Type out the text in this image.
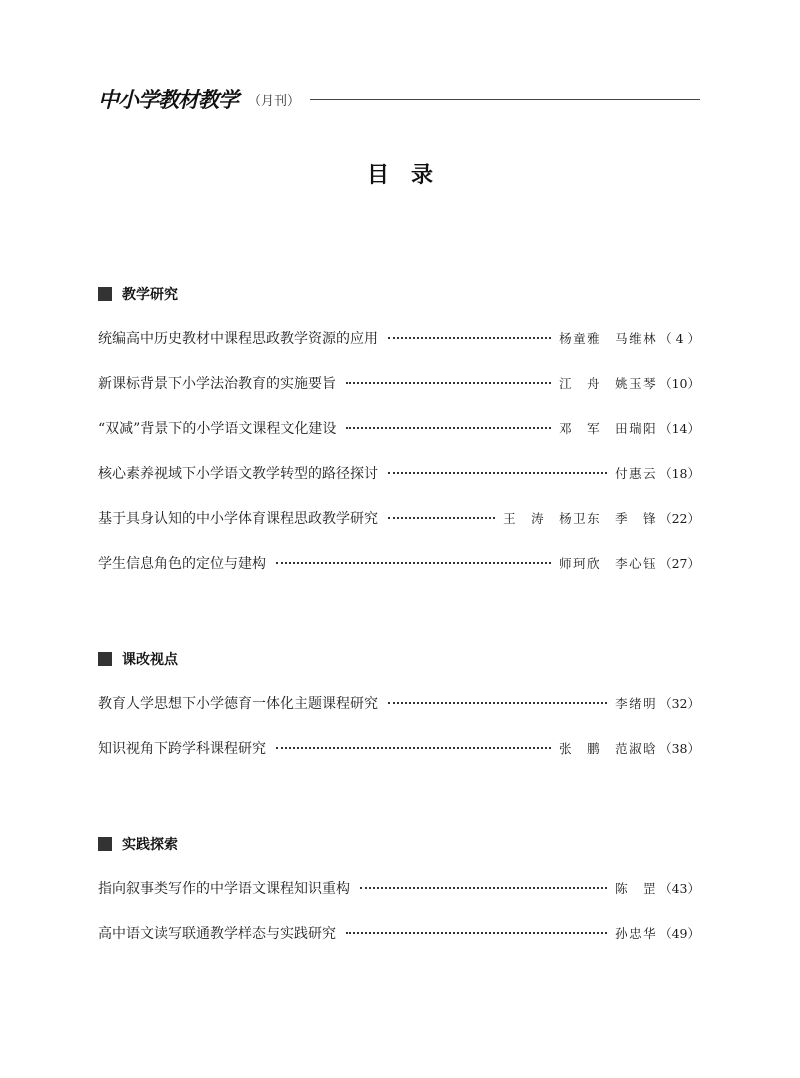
中小学教材教学 （月刊）
目录
教学研究
统编高中历史教材中课程思政教学资源的应用	杨童雅　马维林 （ 4 ）
新课标背景下小学法治教育的实施要旨	江　舟　姚玉琴 （10）
“双减”背景下的小学语文课程文化建设	邓　军　田瑞阳 （14）
核心素养视域下小学语文教学转型的路径探讨	付惠云 （18）
基于具身认知的中小学体育课程思政教学研究	王　涛　杨卫东　季　锋 （22）
学生信息角色的定位与建构	师珂欣　李心钰 （27）
课改视点
教育人学思想下小学德育一体化主题课程研究	李绪明 （32）
知识视角下跨学科课程研究	张　鹏　范淑晗 （38）
实践探索
指向叙事类写作的中学语文课程知识重构	陈　罡 （43）
高中语文读写联通教学样态与实践研究	孙忠华 （49）
